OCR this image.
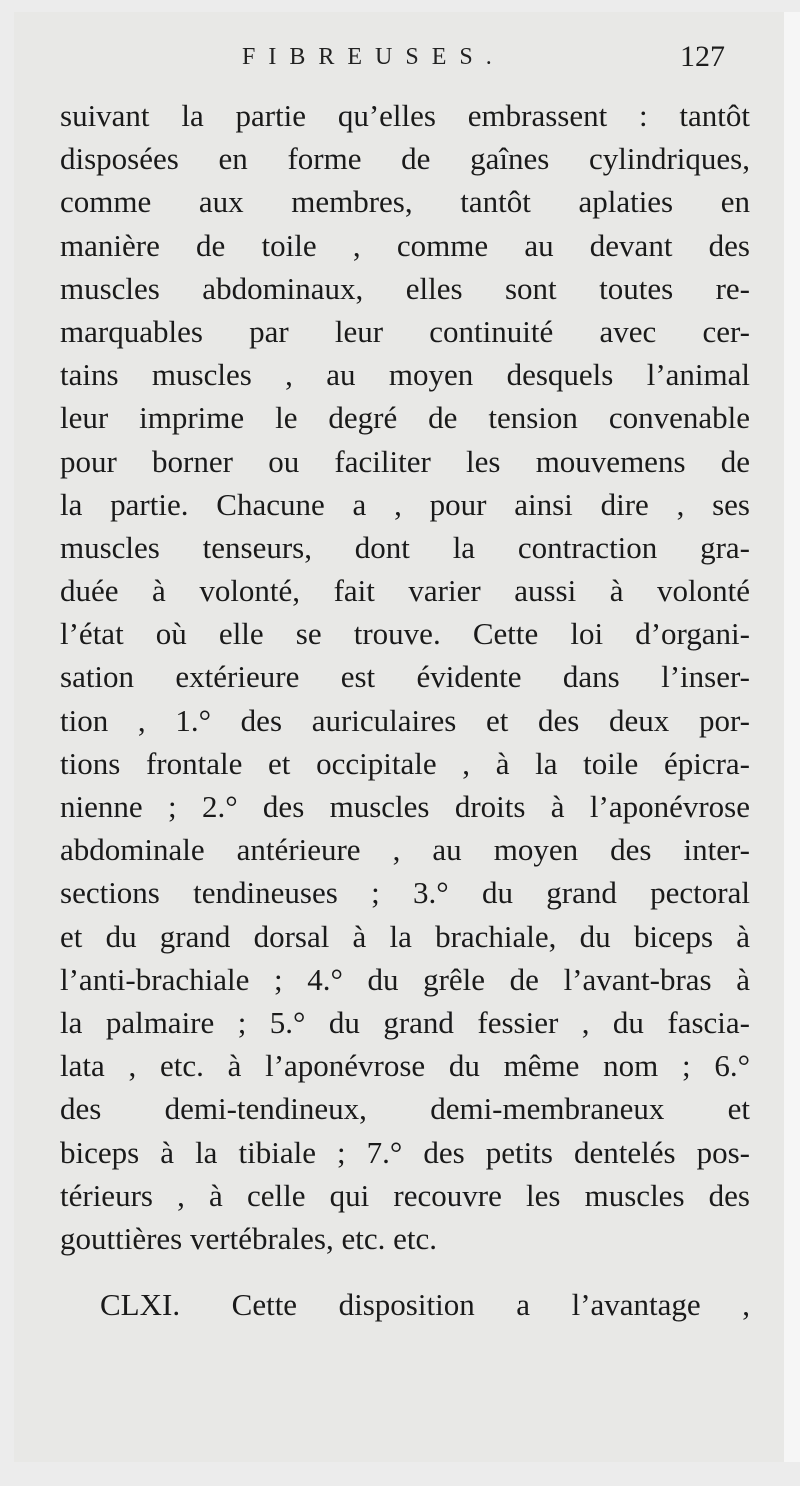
FIBREUSES.	127
suivant la partie qu’elles embrassent : tantôt
disposées en forme de gaînes cylindriques,
comme aux membres, tantôt aplaties en
manière de toile , comme au devant des
muscles abdominaux, elles sont toutes re-
marquables par leur continuité avec cer-
tains muscles , au moyen desquels l’animal
leur imprime le degré de tension convenable
pour borner ou faciliter les mouvemens de
la partie. Chacune a , pour ainsi dire , ses
muscles tenseurs, dont la contraction gra-
duée à volonté, fait varier aussi à volonté
l’état où elle se trouve. Cette loi d’organi-
sation extérieure est évidente dans l’inser-
tion , 1.° des auriculaires et des deux por-
tions frontale et occipitale , à la toile épicra-
nienne ; 2.° des muscles droits à l’aponévrose
abdominale antérieure , au moyen des inter-
sections tendineuses ; 3.° du grand pectoral
et du grand dorsal à la brachiale, du biceps à
l’anti-brachiale ; 4.° du grêle de l’avant-bras à
la palmaire ; 5.° du grand fessier , du fascia-
lata , etc. à l’aponévrose du même nom ; 6.°
des demi-tendineux, demi-membraneux et
biceps à la tibiale ; 7.° des petits dentelés pos-
térieurs , à celle qui recouvre les muscles des
gouttières vertébrales, etc. etc.
CLXI. Cette disposition a l’avantage ,
